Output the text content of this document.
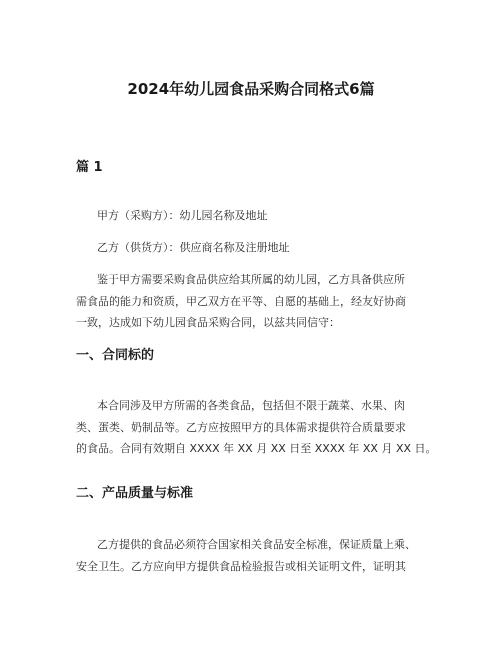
2024年幼儿园食品采购合同格式6篇
篇 1
甲方（采购方）：幼儿园名称及地址
乙方（供货方）：供应商名称及注册地址
鉴于甲方需要采购食品供应给其所属的幼儿园，乙方具备供应所
需食品的能力和资质，甲乙双方在平等、自愿的基础上，经友好协商
一致，达成如下幼儿园食品采购合同，以兹共同信守：
一、合同标的
本合同涉及甲方所需的各类食品，包括但不限于蔬菜、水果、肉
类、蛋类、奶制品等。乙方应按照甲方的具体需求提供符合质量要求
的食品。合同有效期自 XXXX 年 XX 月 XX 日至 XXXX 年 XX 月 XX 日。
二、产品质量与标准
乙方提供的食品必须符合国家相关食品安全标准，保证质量上乘、
安全卫生。乙方应向甲方提供食品检验报告或相关证明文件，证明其
